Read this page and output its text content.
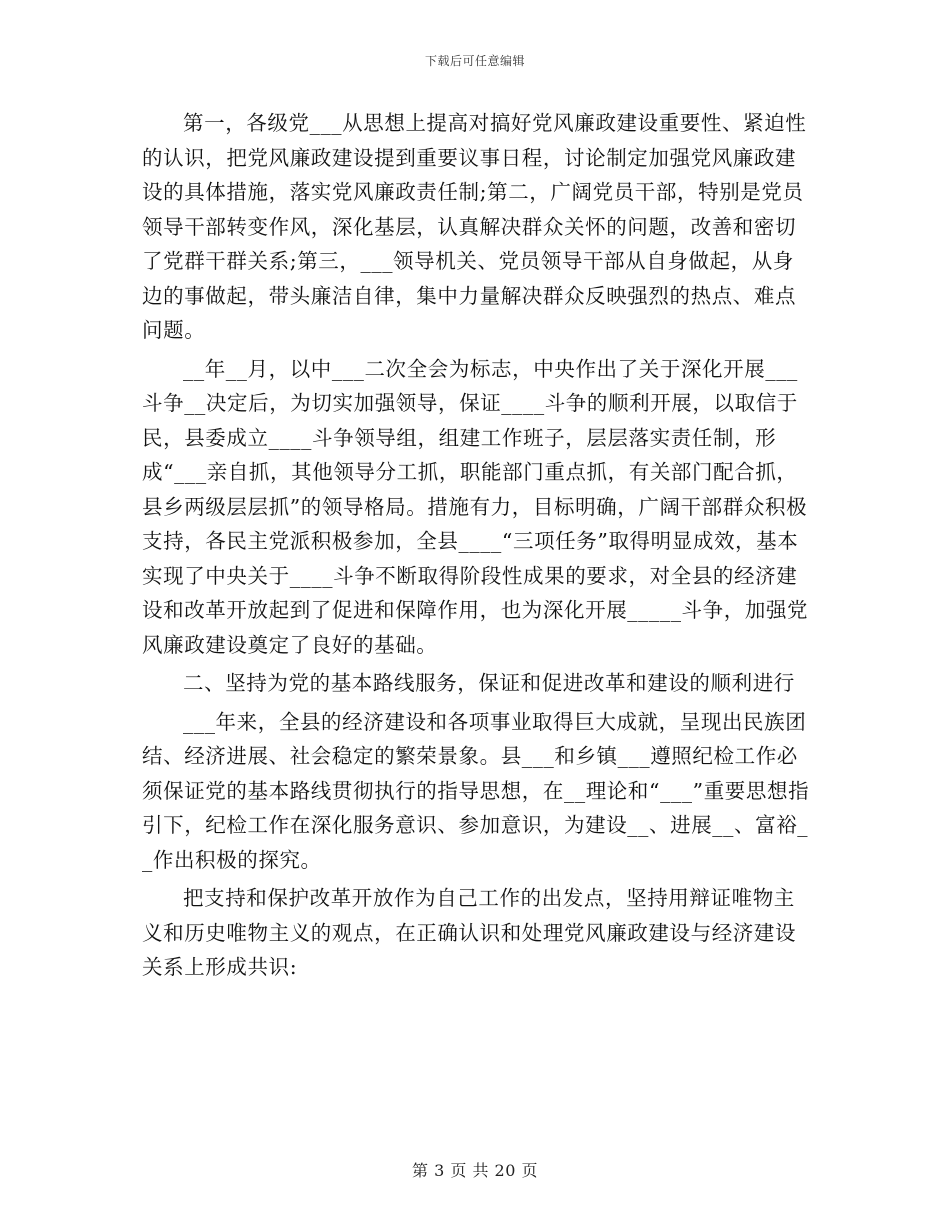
下载后可任意编辑

第一，各级党___从思想上提高对搞好党风廉政建设重要性、紧迫性的认识，把党风廉政建设提到重要议事日程，讨论制定加强党风廉政建设的具体措施，落实党风廉政责任制;第二，广阔党员干部，特别是党员领导干部转变作风，深化基层，认真解决群众关怀的问题，改善和密切了党群干群关系;第三，___领导机关、党员领导干部从自身做起，从身边的事做起，带头廉洁自律，集中力量解决群众反映强烈的热点、难点问题。

__年__月，以中___二次全会为标志，中央作出了关于深化开展___斗争__决定后，为切实加强领导，保证____斗争的顺利开展，以取信于民，县委成立____斗争领导组，组建工作班子，层层落实责任制，形成“___亲自抓，其他领导分工抓，职能部门重点抓，有关部门配合抓，县乡两级层层抓”的领导格局。措施有力，目标明确，广阔干部群众积极支持，各民主党派积极参加，全县____“三项任务”取得明显成效，基本实现了中央关于____斗争不断取得阶段性成果的要求，对全县的经济建设和改革开放起到了促进和保障作用，也为深化开展_____斗争，加强党风廉政建设奠定了良好的基础。

二、坚持为党的基本路线服务，保证和促进改革和建设的顺利进行

___年来，全县的经济建设和各项事业取得巨大成就，呈现出民族团结、经济进展、社会稳定的繁荣景象。县___和乡镇___遵照纪检工作必须保证党的基本路线贯彻执行的指导思想，在__理论和“___”重要思想指引下，纪检工作在深化服务意识、参加意识，为建设__、进展__、富裕__作出积极的探究。

把支持和保护改革开放作为自己工作的出发点，坚持用辩证唯物主义和历史唯物主义的观点，在正确认识和处理党风廉政建设与经济建设关系上形成共识:

第 3 页 共 20 页
